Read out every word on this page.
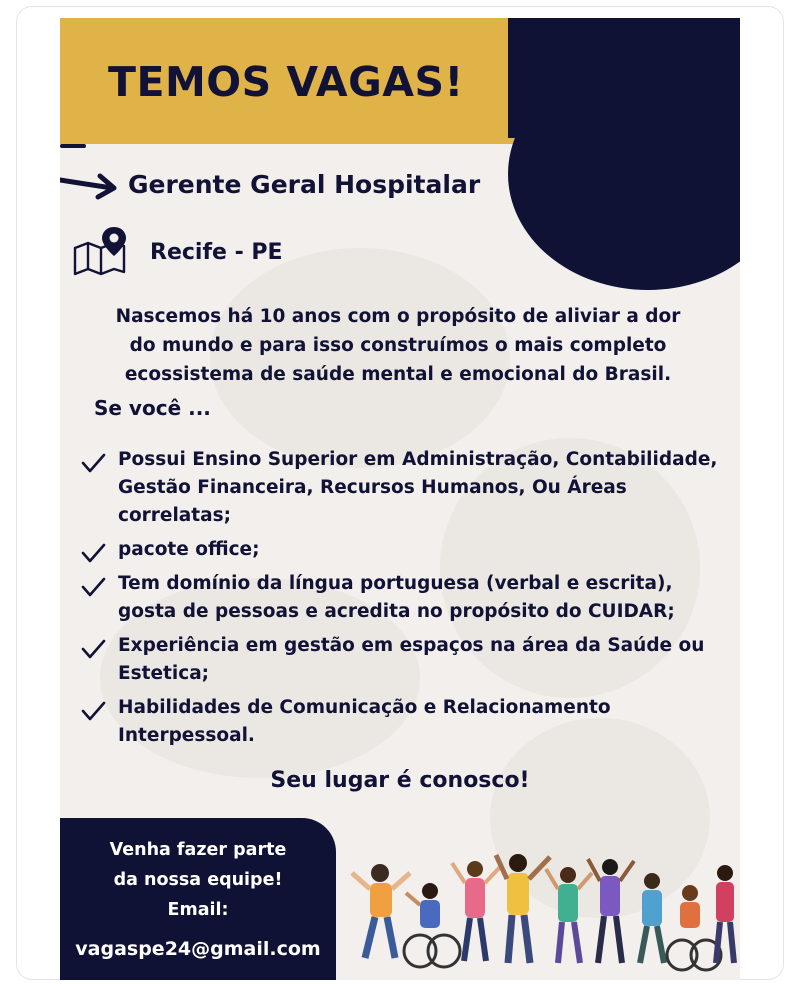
TEMOS VAGAS!
Gerente Geral Hospitalar
Recife - PE
Nascemos há 10 anos com o propósito de aliviar a dor do mundo e para isso construímos o mais completo ecossistema de saúde mental e emocional do Brasil.
Se você ...
Possui Ensino Superior em Administração, Contabilidade, Gestão Financeira, Recursos Humanos, Ou Áreas correlatas;
pacote office;
Tem domínio da língua portuguesa (verbal e escrita), gosta de pessoas e acredita no propósito do CUIDAR;
Experiência em gestão em espaços na área da Saúde ou Estetica;
Habilidades de Comunicação e Relacionamento Interpessoal.
Seu lugar é conosco!
Venha fazer parte
da nossa equipe!
Email:
vagaspe24@gmail.com
